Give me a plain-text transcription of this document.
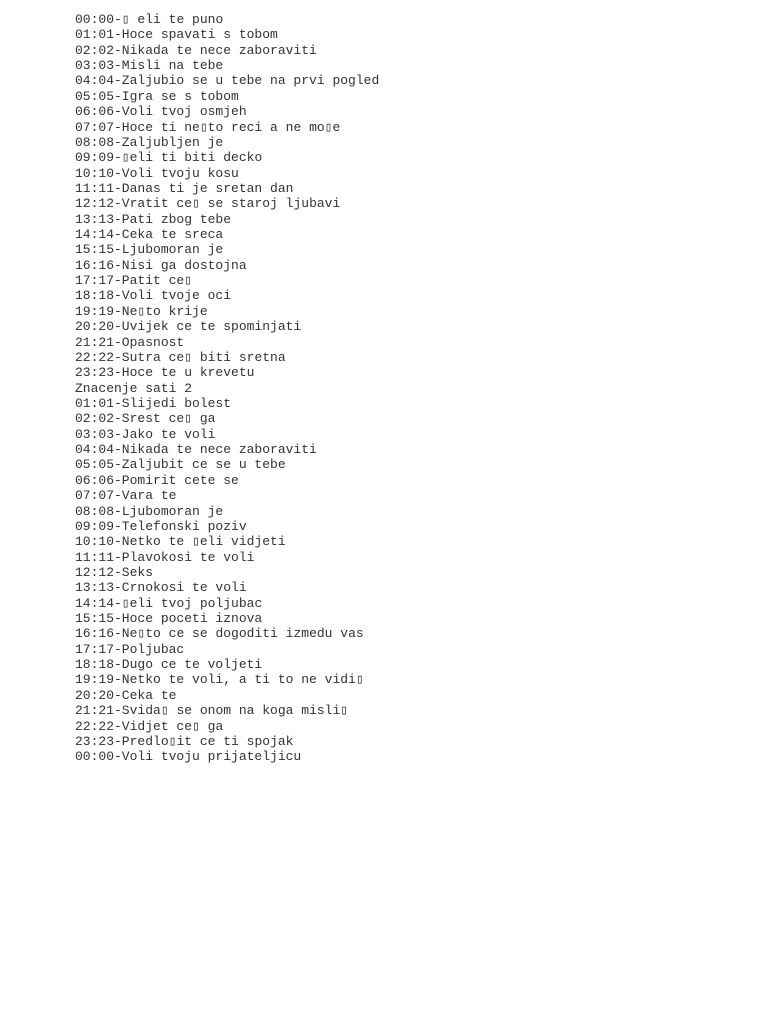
00:00-▯ eli te puno
01:01-Hoce spavati s tobom
02:02-Nikada te nece zaboraviti
03:03-Misli na tebe
04:04-Zaljubio se u tebe na prvi pogled
05:05-Igra se s tobom
06:06-Voli tvoj osmjeh
07:07-Hoce ti ne▯to reci a ne mo▯e
08:08-Zaljubljen je
09:09-▯eli ti biti decko
10:10-Voli tvoju kosu
11:11-Danas ti je sretan dan
12:12-Vratit ce▯ se staroj ljubavi
13:13-Pati zbog tebe
14:14-Ceka te sreca
15:15-Ljubomoran je
16:16-Nisi ga dostojna
17:17-Patit ce▯
18:18-Voli tvoje oci
19:19-Ne▯to krije
20:20-Uvijek ce te spominjati
21:21-Opasnost
22:22-Sutra ce▯ biti sretna
23:23-Hoce te u krevetu
Znacenje sati 2
01:01-Slijedi bolest
02:02-Srest ce▯ ga
03:03-Jako te voli
04:04-Nikada te nece zaboraviti
05:05-Zaljubit ce se u tebe
06:06-Pomirit cete se
07:07-Vara te
08:08-Ljubomoran je
09:09-Telefonski poziv
10:10-Netko te ▯eli vidjeti
11:11-Plavokosi te voli
12:12-Seks
13:13-Crnokosi te voli
14:14-▯eli tvoj poljubac
15:15-Hoce poceti iznova
16:16-Ne▯to ce se dogoditi izmedu vas
17:17-Poljubac
18:18-Dugo ce te voljeti
19:19-Netko te voli, a ti to ne vidi▯
20:20-Ceka te
21:21-Svida▯ se onom na koga misli▯
22:22-Vidjet ce▯ ga
23:23-Predlo▯it ce ti spojak
00:00-Voli tvoju prijateljicu
